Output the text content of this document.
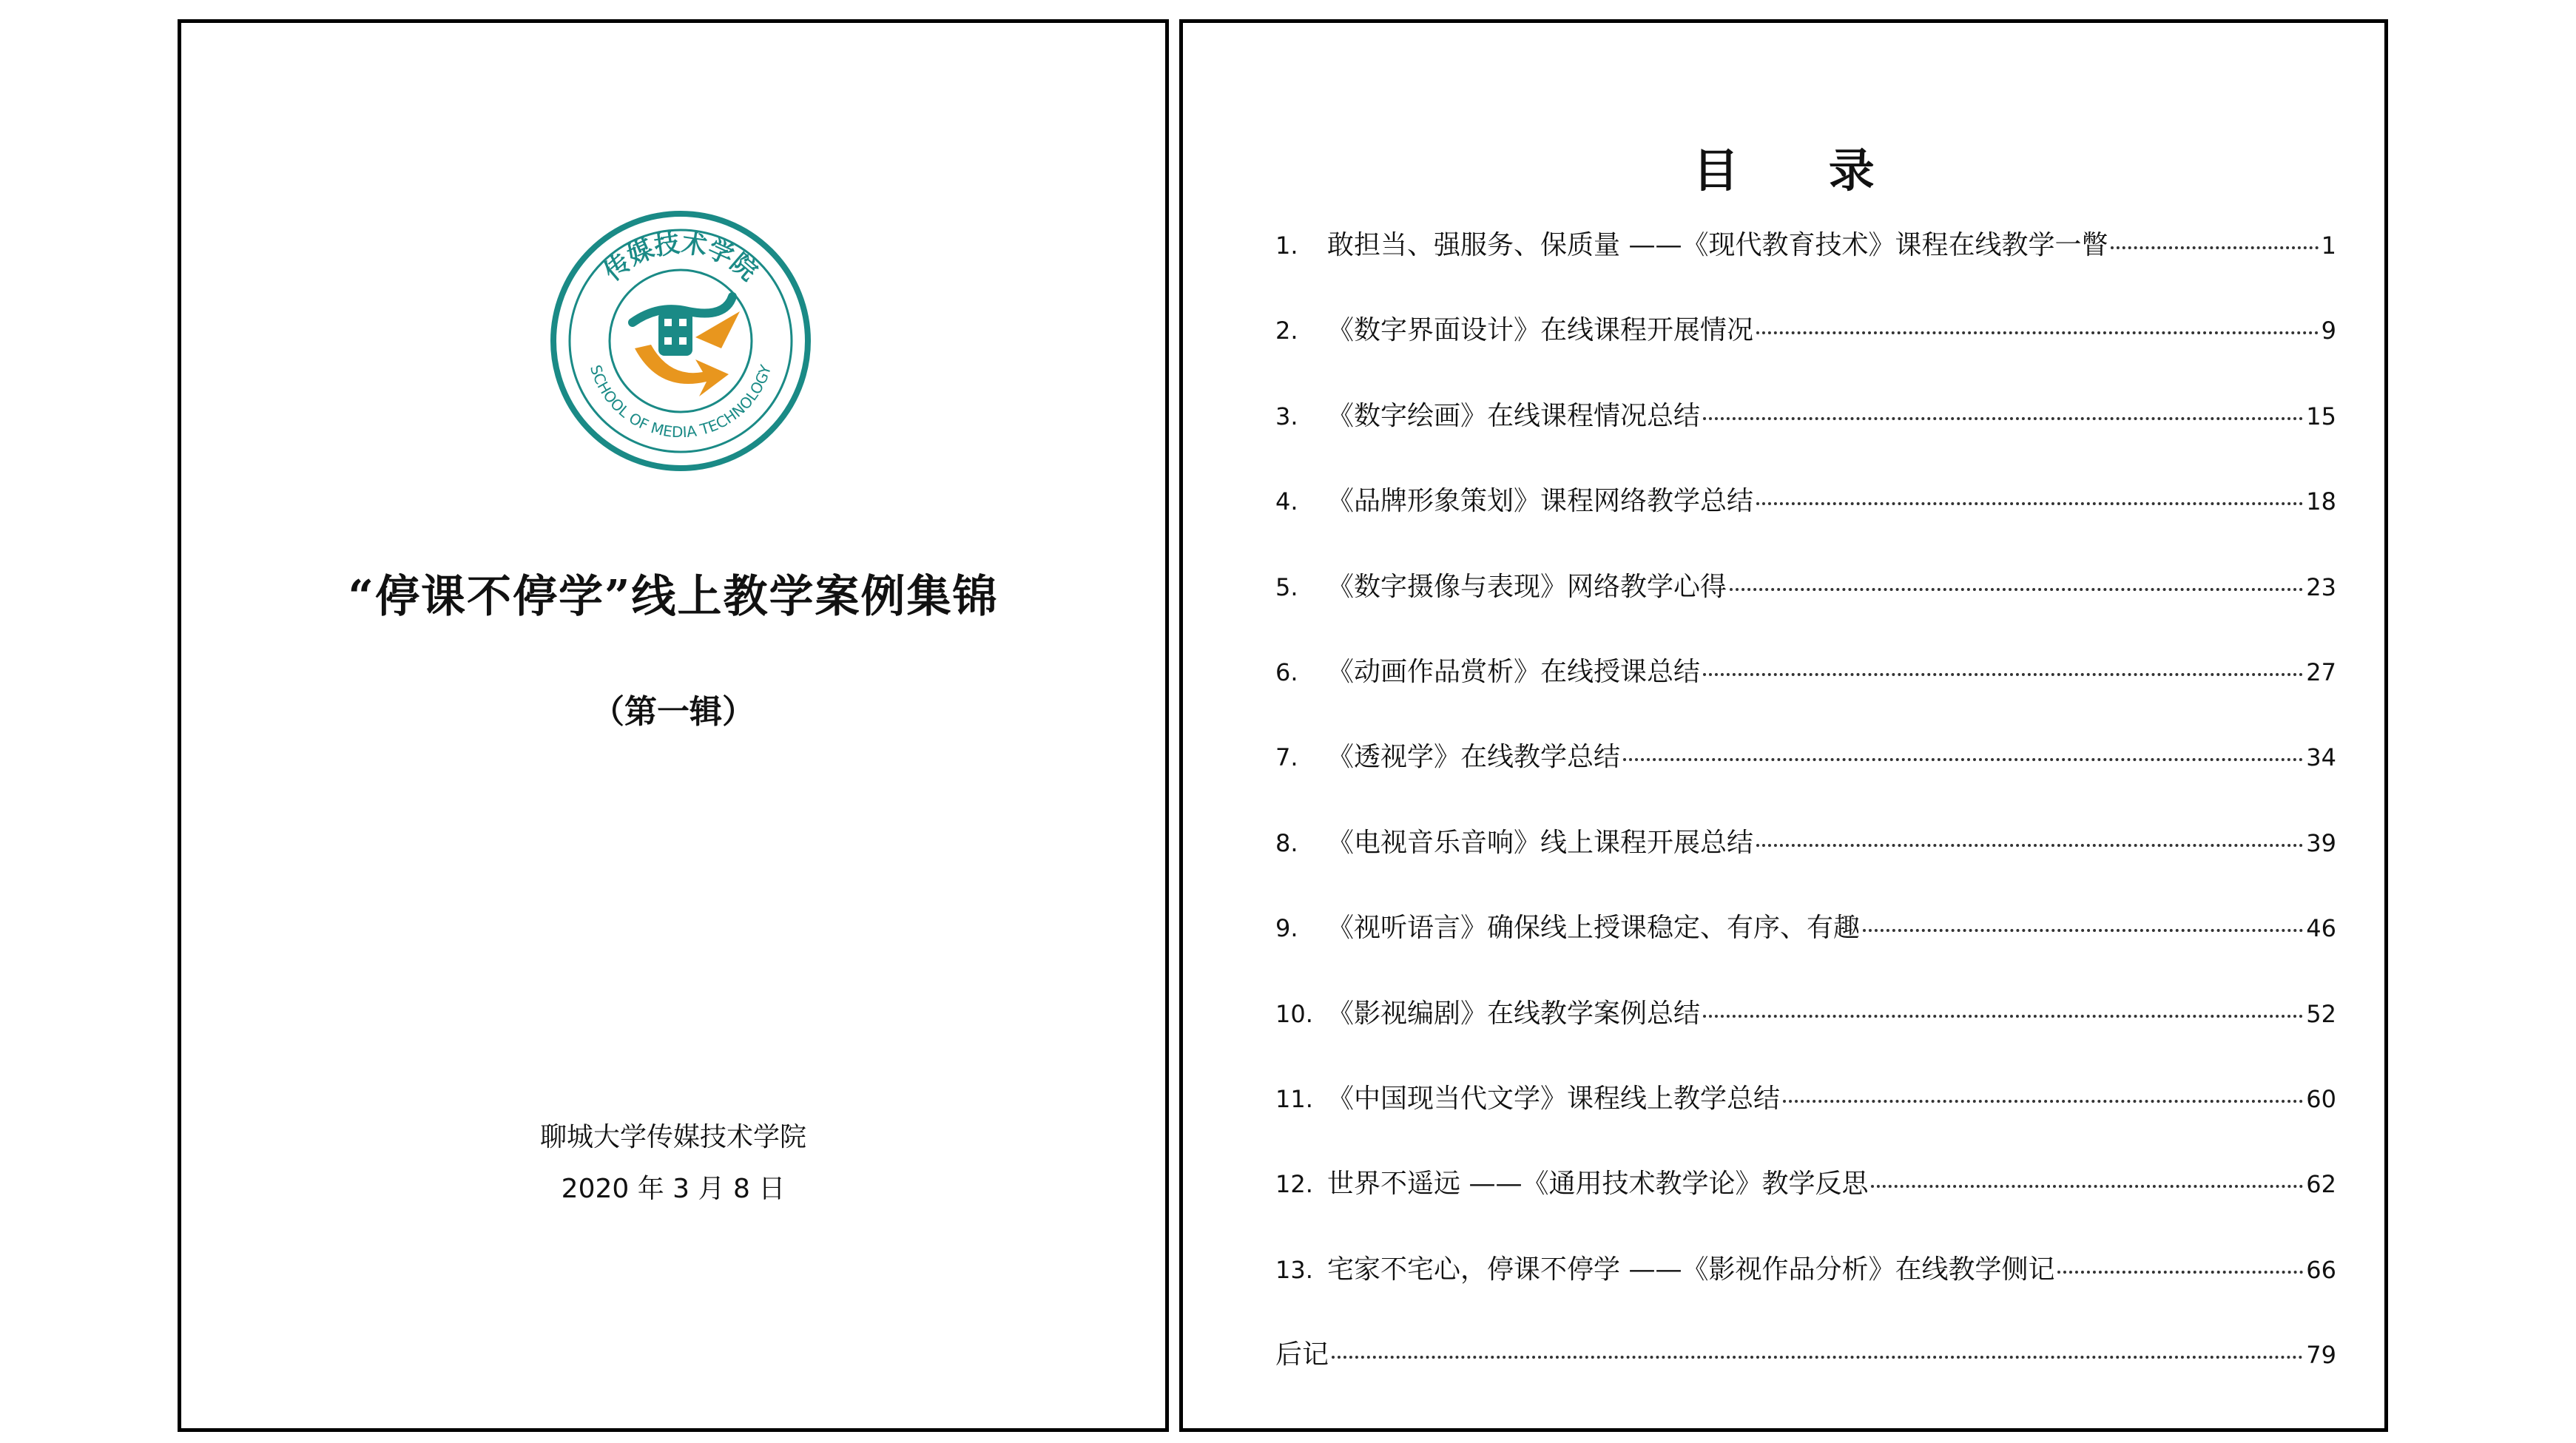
传媒技术学院
SCHOOL OF MEDIA TECHNOLOGY
“停课不停学”线上教学案例集锦
（第一辑）
聊城大学传媒技术学院
2020 年 3 月 8 日
目 录
1.	敢担当、强服务、保质量 ——《现代教育技术》课程在线教学一瞥	1
2.	《数字界面设计》在线课程开展情况	9
3.	《数字绘画》在线课程情况总结	15
4.	《品牌形象策划》课程网络教学总结	18
5.	《数字摄像与表现》网络教学心得	23
6.	《动画作品赏析》在线授课总结	27
7.	《透视学》在线教学总结	34
8.	《电视音乐音响》线上课程开展总结	39
9.	《视听语言》确保线上授课稳定、有序、有趣	46
10. 《影视编剧》在线教学案例总结	52
11. 《中国现当代文学》课程线上教学总结	60
12. 世界不遥远 ——《通用技术教学论》教学反思	62
13. 宅家不宅心，停课不停学 ——《影视作品分析》在线教学侧记	66
后记	79
